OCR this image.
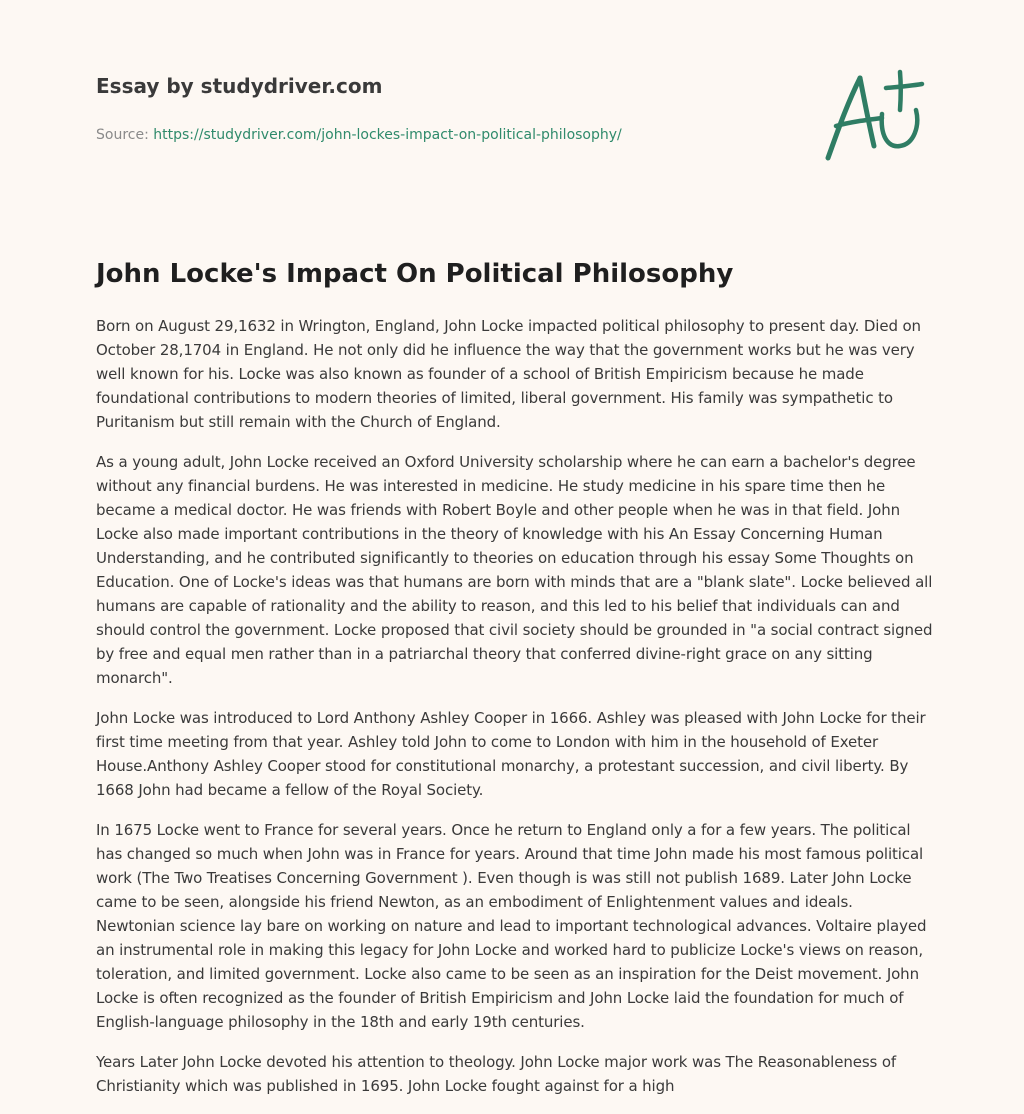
Essay by studydriver.com
Source: https://studydriver.com/john-lockes-impact-on-political-philosophy/
John Locke's Impact On Political Philosophy

Born on August 29,1632 in Wrington, England, John Locke impacted political philosophy to present day. Died on October 28,1704 in England. He not only did he influence the way that the government works but he was very well known for his. Locke was also known as founder of a school of British Empiricism because he made foundational contributions to modern theories of limited, liberal government. His family was sympathetic to Puritanism but still remain with the Church of England.

As a young adult, John Locke received an Oxford University scholarship where he can earn a bachelor's degree without any financial burdens. He was interested in medicine. He study medicine in his spare time then he became a medical doctor. He was friends with Robert Boyle and other people when he was in that field. John Locke also made important contributions in the theory of knowledge with his An Essay Concerning Human Understanding, and he contributed significantly to theories on education through his essay Some Thoughts on Education. One of Locke's ideas was that humans are born with minds that are a "blank slate". Locke believed all humans are capable of rationality and the ability to reason, and this led to his belief that individuals can and should control the government. Locke proposed that civil society should be grounded in "a social contract signed by free and equal men rather than in a patriarchal theory that conferred divine-right grace on any sitting monarch".

John Locke was introduced to Lord Anthony Ashley Cooper in 1666. Ashley was pleased with John Locke for their first time meeting from that year. Ashley told John to come to London with him in the household of Exeter House.Anthony Ashley Cooper stood for constitutional monarchy, a protestant succession, and civil liberty. By 1668 John had became a fellow of the Royal Society.

In 1675 Locke went to France for several years. Once he return to England only a for a few years. The political has changed so much when John was in France for years. Around that time John made his most famous political work (The Two Treatises Concerning Government ). Even though is was still not publish 1689. Later John Locke came to be seen, alongside his friend Newton, as an embodiment of Enlightenment values and ideals. Newtonian science lay bare on working on nature and lead to important technological advances. Voltaire played an instrumental role in making this legacy for John Locke and worked hard to publicize Locke's views on reason, toleration, and limited government. Locke also came to be seen as an inspiration for the Deist movement. John Locke is often recognized as the founder of British Empiricism and John Locke laid the foundation for much of English-language philosophy in the 18th and early 19th centuries.

Years Later John Locke devoted his attention to theology. John Locke major work was The Reasonableness of Christianity which was published in 1695. John Locke fought against for a high
